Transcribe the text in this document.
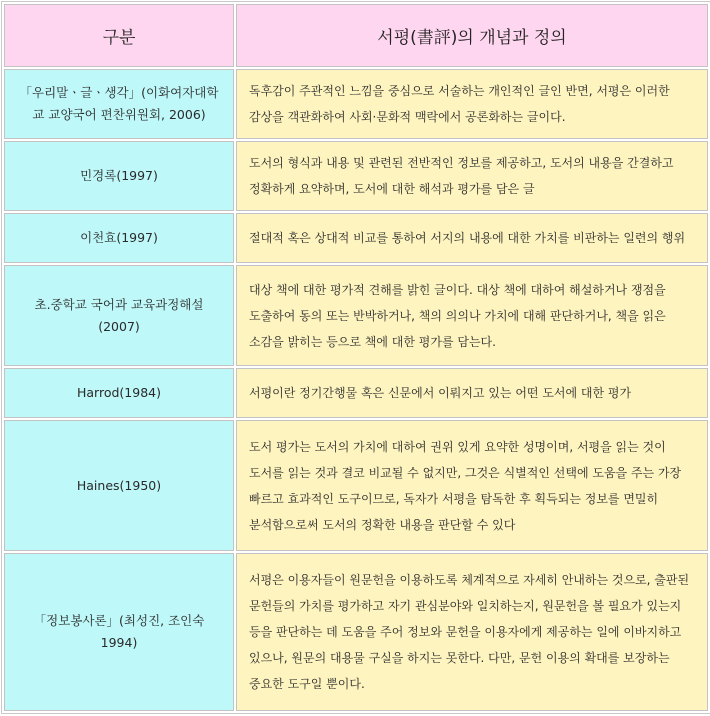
구분	서평(書評)의 개념과 정의
「우리말ㆍ글ㆍ생각」(이화여자대학교 교양국어 편찬위원회, 2006)	독후감이 주관적인 느낌을 중심으로 서술하는 개인적인 글인 반면, 서평은 이러한 감상을 객관화하여 사회·문화적 맥락에서 공론화하는 글이다.
민경록(1997)	도서의 형식과 내용 및 관련된 전반적인 정보를 제공하고, 도서의 내용을 간결하고 정확하게 요약하며, 도서에 대한 해석과 평가를 담은 글
이천효(1997)	절대적 혹은 상대적 비교를 통하여 서지의 내용에 대한 가치를 비판하는 일련의 행위
초.중학교 국어과 교육과정해설(2007)	대상 책에 대한 평가적 견해를 밝힌 글이다. 대상 책에 대하여 해설하거나 쟁점을 도출하여 동의 또는 반박하거나, 책의 의의나 가치에 대해 판단하거나, 책을 읽은 소감을 밝히는 등으로 책에 대한 평가를 담는다.
Harrod(1984)	서평이란 정기간행물 혹은 신문에서 이뤄지고 있는 어떤 도서에 대한 평가
Haines(1950)	도서 평가는 도서의 가치에 대하여 권위 있게 요약한 성명이며, 서평을 읽는 것이 도서를 읽는 것과 결코 비교될 수 없지만, 그것은 식별적인 선택에 도움을 주는 가장 빠르고 효과적인 도구이므로, 독자가 서평을 탐독한 후 획득되는 정보를 면밀히 분석함으로써 도서의 정확한 내용을 판단할 수 있다
「정보봉사론」(최성진, 조인숙 1994)	서평은 이용자들이 원문헌을 이용하도록 체계적으로 자세히 안내하는 것으로, 출판된 문헌들의 가치를 평가하고 자기 관심분야와 일치하는지, 원문헌을 볼 필요가 있는지 등을 판단하는 데 도움을 주어 정보와 문헌을 이용자에게 제공하는 일에 이바지하고 있으나, 원문의 대용물 구실을 하지는 못한다. 다만, 문헌 이용의 확대를 보장하는 중요한 도구일 뿐이다.
